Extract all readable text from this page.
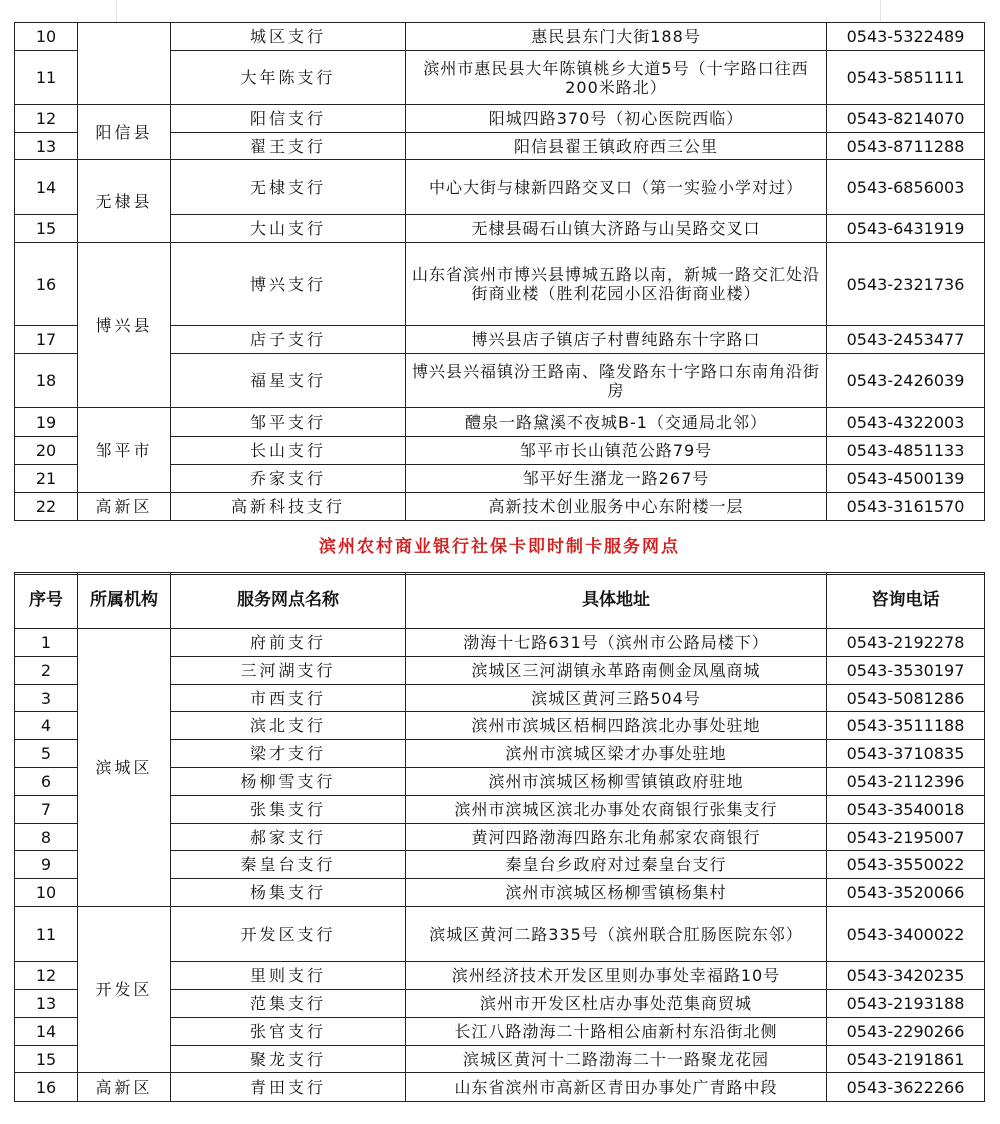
10		城区支行	惠民县东门大街188号	0543-5322489
11		大年陈支行	滨州市惠民县大年陈镇桃乡大道5号（十字路口往西200米路北）	0543-5851111
12	阳信县	阳信支行	阳城四路370号（初心医院西临）	0543-8214070
13		翟王支行	阳信县翟王镇政府西三公里	0543-8711288
14	无棣县	无棣支行	中心大街与棣新四路交叉口（第一实验小学对过）	0543-6856003
15		大山支行	无棣县碣石山镇大济路与山吴路交叉口	0543-6431919
16	博兴县	博兴支行	山东省滨州市博兴县博城五路以南，新城一路交汇处沿街商业楼（胜利花园小区沿街商业楼）	0543-2321736
17		店子支行	博兴县店子镇店子村曹纯路东十字路口	0543-2453477
18		福星支行	博兴县兴福镇汾王路南、隆发路东十字路口东南角沿街房	0543-2426039
19	邹平市	邹平支行	醴泉一路黛溪不夜城B-1（交通局北邻）	0543-4322003
20		长山支行	邹平市长山镇范公路79号	0543-4851133
21		乔家支行	邹平好生潴龙一路267号	0543-4500139
22	高新区	高新科技支行	高新技术创业服务中心东附楼一层	0543-3161570
滨州农村商业银行社保卡即时制卡服务网点				
序号	所属机构	服务网点名称	具体地址	咨询电话
1	滨城区	府前支行	渤海十七路631号（滨州市公路局楼下）	0543-2192278
2		三河湖支行	滨城区三河湖镇永革路南侧金凤凰商城	0543-3530197
3		市西支行	滨城区黄河三路504号	0543-5081286
4		滨北支行	滨州市滨城区梧桐四路滨北办事处驻地	0543-3511188
5		梁才支行	滨州市滨城区梁才办事处驻地	0543-3710835
6		杨柳雪支行	滨州市滨城区杨柳雪镇镇政府驻地	0543-2112396
7		张集支行	滨州市滨城区滨北办事处农商银行张集支行	0543-3540018
8		郝家支行	黄河四路渤海四路东北角郝家农商银行	0543-2195007
9		秦皇台支行	秦皇台乡政府对过秦皇台支行	0543-3550022
10		杨集支行	滨州市滨城区杨柳雪镇杨集村	0543-3520066
11	开发区	开发区支行	滨城区黄河二路335号（滨州联合肛肠医院东邻）	0543-3400022
12		里则支行	滨州经济技术开发区里则办事处幸福路10号	0543-3420235
13		范集支行	滨州市开发区杜店办事处范集商贸城	0543-2193188
14		张官支行	长江八路渤海二十路相公庙新村东沿街北侧	0543-2290266
15		聚龙支行	滨城区黄河十二路渤海二十一路聚龙花园	0543-2191861
16	高新区	青田支行	山东省滨州市高新区青田办事处广青路中段	0543-3622266
